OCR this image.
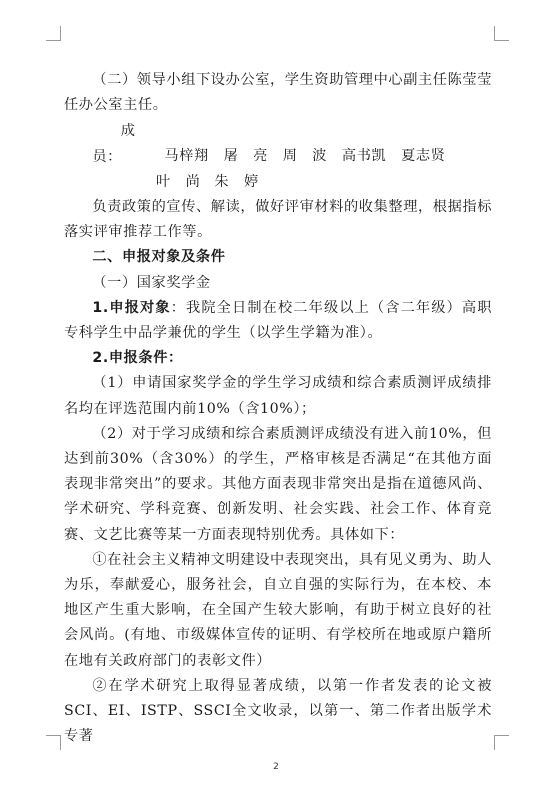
（二）领导小组下设办公室，学生资助管理中心副主任陈莹莹任办公室主任。

成　员：	马梓翔　 屠　亮　 周　波　 高书凯　 夏志贤

叶　尚 朱　婷

负责政策的宣传、解读，做好评审材料的收集整理，根据指标落实评审推荐工作等。

二、申报对象及条件

（一）国家奖学金

1.申报对象：我院全日制在校二年级以上（含二年级）高职专科学生中品学兼优的学生（以学生学籍为准）。

2.申报条件：

（1）申请国家奖学金的学生学习成绩和综合素质测评成绩排名均在评选范围内前10%（含10%）；

（2）对于学习成绩和综合素质测评成绩没有进入前10%，但达到前30%（含30%）的学生，严格审核是否满足“在其他方面表现非常突出”的要求。其他方面表现非常突出是指在道德风尚、学术研究、学科竞赛、创新发明、社会实践、社会工作、体育竞赛、文艺比赛等某一方面表现特别优秀。具体如下：

①在社会主义精神文明建设中表现突出，具有见义勇为、助人为乐，奉献爱心，服务社会，自立自强的实际行为，在本校、本地区产生重大影响，在全国产生较大影响，有助于树立良好的社会风尚。(有地、市级媒体宣传的证明、有学校所在地或原户籍所在地有关政府部门的表彰文件）

②在学术研究上取得显著成绩，以第一作者发表的论文被SCI、EI、ISTP、SSCI全文收录，以第一、第二作者出版学术专著

2
